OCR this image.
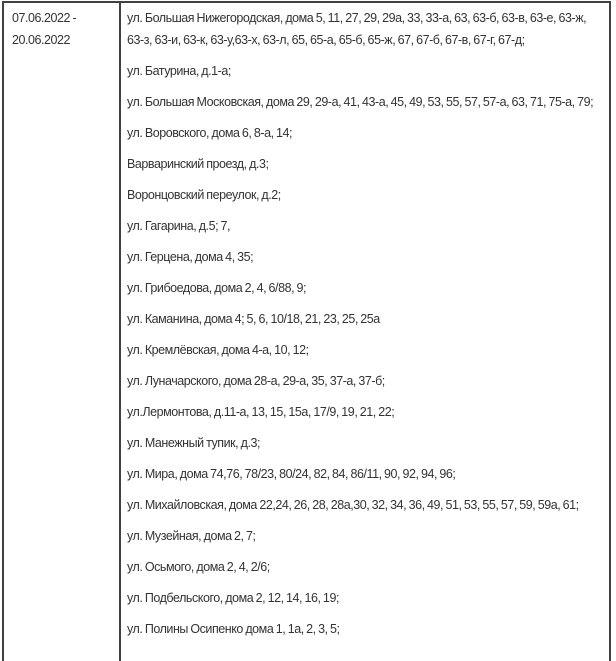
07.06.2022 - 20.06.2022

ул. Большая Нижегородская, дома 5, 11, 27, 29, 29а, 33, 33-а, 63, 63-б, 63-в, 63-е, 63-ж, 63-з, 63-и, 63-к, 63-у,63-х, 63-л, 65, 65-а, 65-б, 65-ж, 67, 67-б, 67-в, 67-г, 67-д;

ул. Батурина, д.1-а;

ул. Большая Московская, дома 29, 29-а, 41, 43-а, 45, 49, 53, 55, 57, 57-а, 63, 71, 75-а, 79;

ул. Воровского, дома 6, 8-а, 14;

Варваринский проезд, д.3;

Воронцовский переулок, д.2;

ул. Гагарина, д.5; 7,

ул. Герцена, дома 4, 35;

ул. Грибоедова, дома 2, 4, 6/88, 9;

ул. Каманина, дома 4; 5, 6, 10/18, 21, 23, 25, 25а

ул. Кремлёвская, дома 4-а, 10, 12;

ул. Луначарского, дома 28-а, 29-а, 35, 37-а, 37-б;

ул.Лермонтова, д.11-а, 13, 15, 15а, 17/9, 19, 21, 22;

ул. Манежный тупик, д.3;

ул. Мира, дома 74,76, 78/23, 80/24, 82, 84, 86/11, 90, 92, 94, 96;

ул. Михайловская, дома 22,24, 26, 28, 28а,30, 32, 34, 36, 49, 51, 53, 55, 57, 59, 59а, 61;

ул. Музейная, дома 2, 7;

ул. Осьмого, дома 2, 4, 2/6;

ул. Подбельского, дома 2, 12, 14, 16, 19;

ул. Полины Осипенко дома 1, 1а, 2, 3, 5;
